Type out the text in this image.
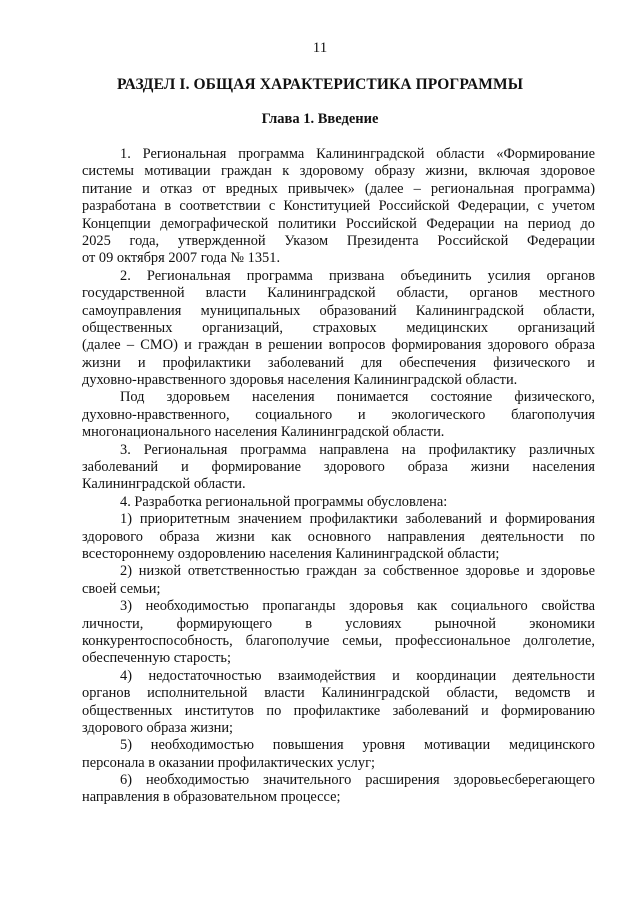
11
РАЗДЕЛ I. ОБЩАЯ ХАРАКТЕРИСТИКА ПРОГРАММЫ
Глава 1. Введение
1. Региональная программа Калининградской области «Формирование
системы мотивации граждан к здоровому образу жизни, включая здоровое
питание и отказ от вредных привычек» (далее – региональная программа)
разработана в соответствии с Конституцией Российской Федерации, с учетом
Концепции демографической политики Российской Федерации на период до
2025 года, утвержденной Указом Президента Российской Федерации
от 09 октября 2007 года № 1351.
2. Региональная программа призвана объединить усилия органов
государственной власти Калининградской области, органов местного
самоуправления муниципальных образований Калининградской области,
общественных организаций, страховых медицинских организаций
(далее – СМО) и граждан в решении вопросов формирования здорового образа
жизни и профилактики заболеваний для обеспечения физического и
духовно-нравственного здоровья населения Калининградской области.
Под здоровьем населения понимается состояние физического,
духовно-нравственного, социального и экологического благополучия
многонационального населения Калининградской области.
3. Региональная программа направлена на профилактику различных
заболеваний и формирование здорового образа жизни населения
Калининградской области.
4. Разработка региональной программы обусловлена:
1) приоритетным значением профилактики заболеваний и формирования
здорового образа жизни как основного направления деятельности по
всестороннему оздоровлению населения Калининградской области;
2) низкой ответственностью граждан за собственное здоровье и здоровье
своей семьи;
3) необходимостью пропаганды здоровья как социального свойства
личности, формирующего в условиях рыночной экономики
конкурентоспособность, благополучие семьи, профессиональное долголетие,
обеспеченную старость;
4) недостаточностью взаимодействия и координации деятельности
органов исполнительной власти Калининградской области, ведомств и
общественных институтов по профилактике заболеваний и формированию
здорового образа жизни;
5) необходимостью повышения уровня мотивации медицинского
персонала в оказании профилактических услуг;
6) необходимостью значительного расширения здоровьесберегающего
направления в образовательном процессе;
